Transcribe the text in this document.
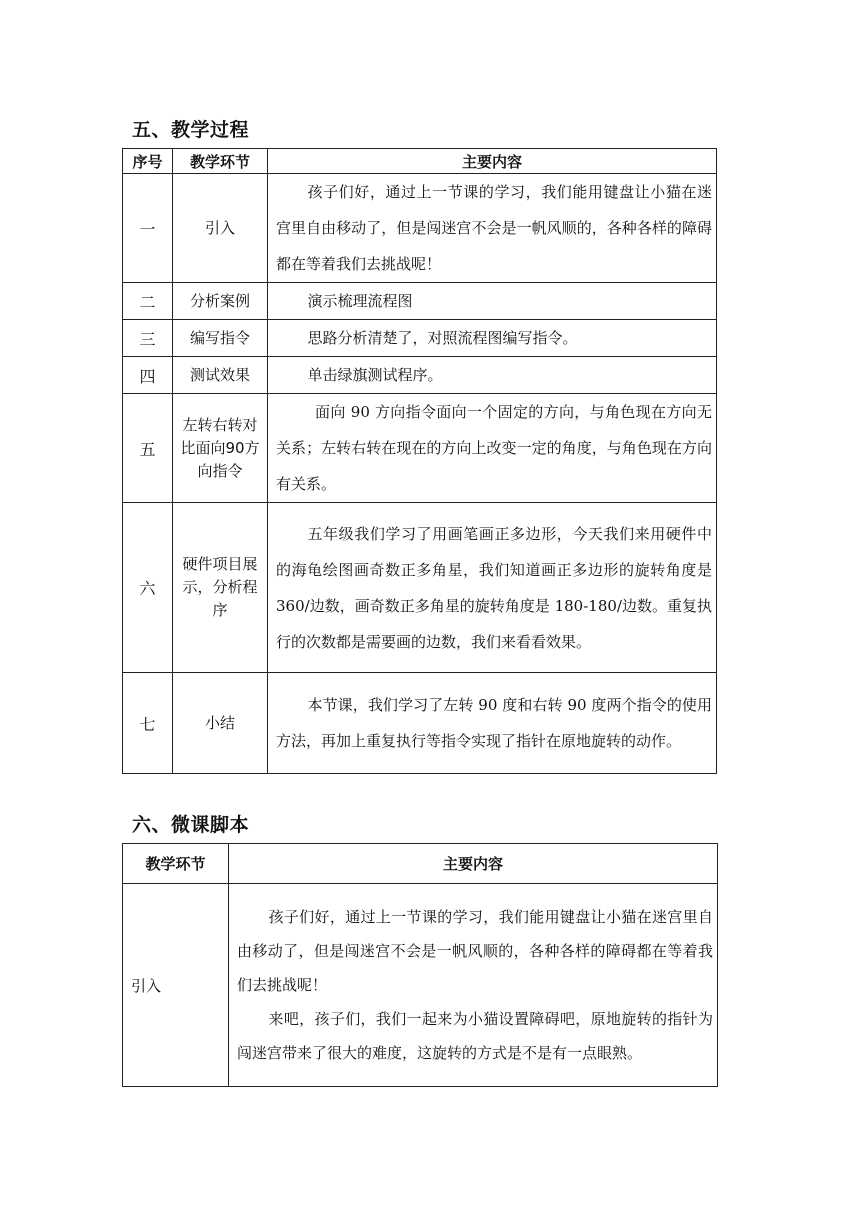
五、教学过程
序号	教学环节	主要内容
一	引入	孩子们好，通过上一节课的学习，我们能用键盘让小猫在迷宫里自由移动了，但是闯迷宫不会是一帆风顺的，各种各样的障碍都在等着我们去挑战呢！

二	分析案例	演示梳理流程图

三	编写指令	思路分析清楚了，对照流程图编写指令。

四	测试效果	单击绿旗测试程序。

五	左转右转对比面向90方向指令	面向 90 方向指令面向一个固定的方向，与角色现在方向无关系；左转右转在现在的方向上改变一定的角度，与角色现在方向有关系。

六	硬件项目展示，分析程序	五年级我们学习了用画笔画正多边形，今天我们来用硬件中的海龟绘图画奇数正多角星，我们知道画正多边形的旋转角度是 360/边数，画奇数正多角星的旋转角度是 180-180/边数。重复执行的次数都是需要画的边数，我们来看看效果。

七	小结	本节课，我们学习了左转 90 度和右转 90 度两个指令的使用方法，再加上重复执行等指令实现了指针在原地旋转的动作。

六、微课脚本
教学环节	主要内容
引入	孩子们好，通过上一节课的学习，我们能用键盘让小猫在迷宫里自由移动了，但是闯迷宫不会是一帆风顺的，各种各样的障碍都在等着我们去挑战呢！

来吧，孩子们，我们一起来为小猫设置障碍吧，原地旋转的指针为闯迷宫带来了很大的难度，这旋转的方式是不是有一点眼熟。
